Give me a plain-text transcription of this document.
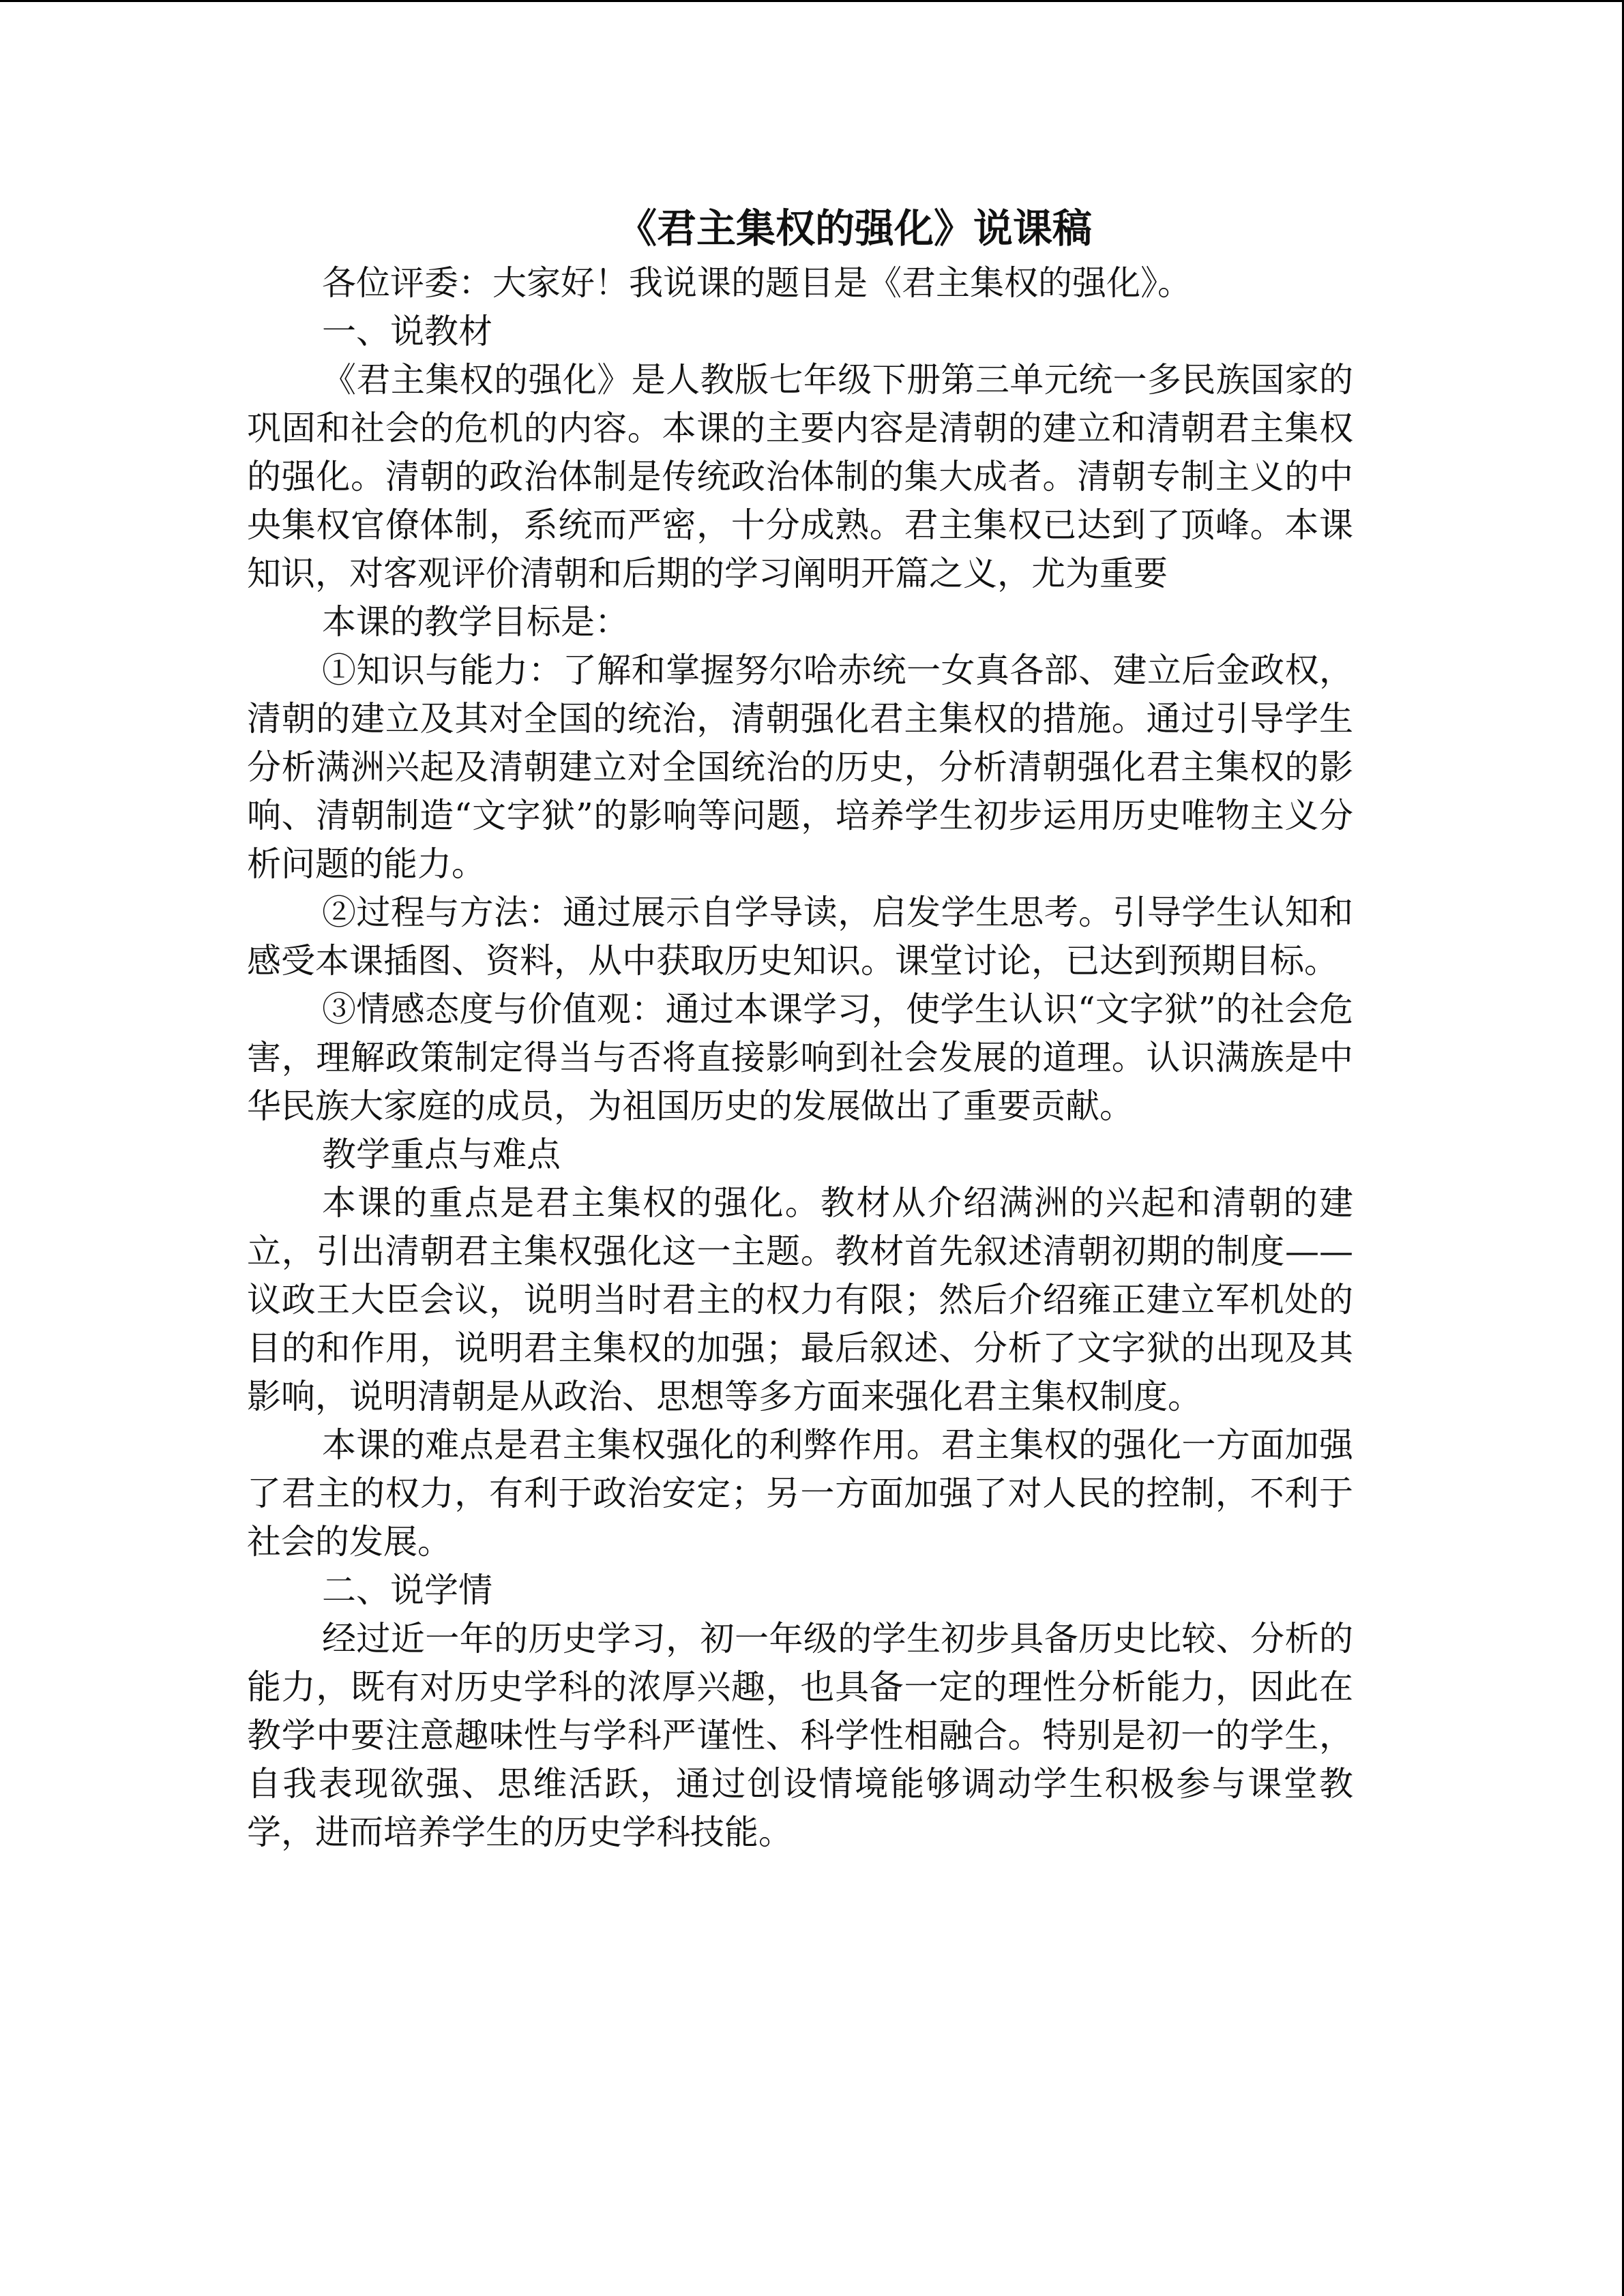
《君主集权的强化》说课稿

各位评委：大家好！我说课的题目是《君主集权的强化》。

一、说教材

《君主集权的强化》是人教版七年级下册第三单元统一多民族国家的巩固和社会的危机的内容。本课的主要内容是清朝的建立和清朝君主集权的强化。清朝的政治体制是传统政治体制的集大成者。清朝专制主义的中央集权官僚体制，系统而严密，十分成熟。君主集权已达到了顶峰。本课知识，对客观评价清朝和后期的学习阐明开篇之义，尤为重要

本课的教学目标是：

①知识与能力：了解和掌握努尔哈赤统一女真各部、建立后金政权，清朝的建立及其对全国的统治，清朝强化君主集权的措施。通过引导学生分析满洲兴起及清朝建立对全国统治的历史，分析清朝强化君主集权的影响、清朝制造“文字狱”的影响等问题，培养学生初步运用历史唯物主义分析问题的能力。

②过程与方法：通过展示自学导读，启发学生思考。引导学生认知和感受本课插图、资料，从中获取历史知识。课堂讨论，已达到预期目标。

③情感态度与价值观：通过本课学习，使学生认识“文字狱”的社会危害，理解政策制定得当与否将直接影响到社会发展的道理。认识满族是中华民族大家庭的成员，为祖国历史的发展做出了重要贡献。

教学重点与难点

本课的重点是君主集权的强化。教材从介绍满洲的兴起和清朝的建立，引出清朝君主集权强化这一主题。教材首先叙述清朝初期的制度——议政王大臣会议，说明当时君主的权力有限；然后介绍雍正建立军机处的目的和作用，说明君主集权的加强；最后叙述、分析了文字狱的出现及其影响，说明清朝是从政治、思想等多方面来强化君主集权制度。

本课的难点是君主集权强化的利弊作用。君主集权的强化一方面加强了君主的权力，有利于政治安定；另一方面加强了对人民的控制，不利于社会的发展。

二、说学情

经过近一年的历史学习，初一年级的学生初步具备历史比较、分析的能力，既有对历史学科的浓厚兴趣，也具备一定的理性分析能力，因此在教学中要注意趣味性与学科严谨性、科学性相融合。特别是初一的学生，自我表现欲强、思维活跃，通过创设情境能够调动学生积极参与课堂教学，进而培养学生的历史学科技能。
